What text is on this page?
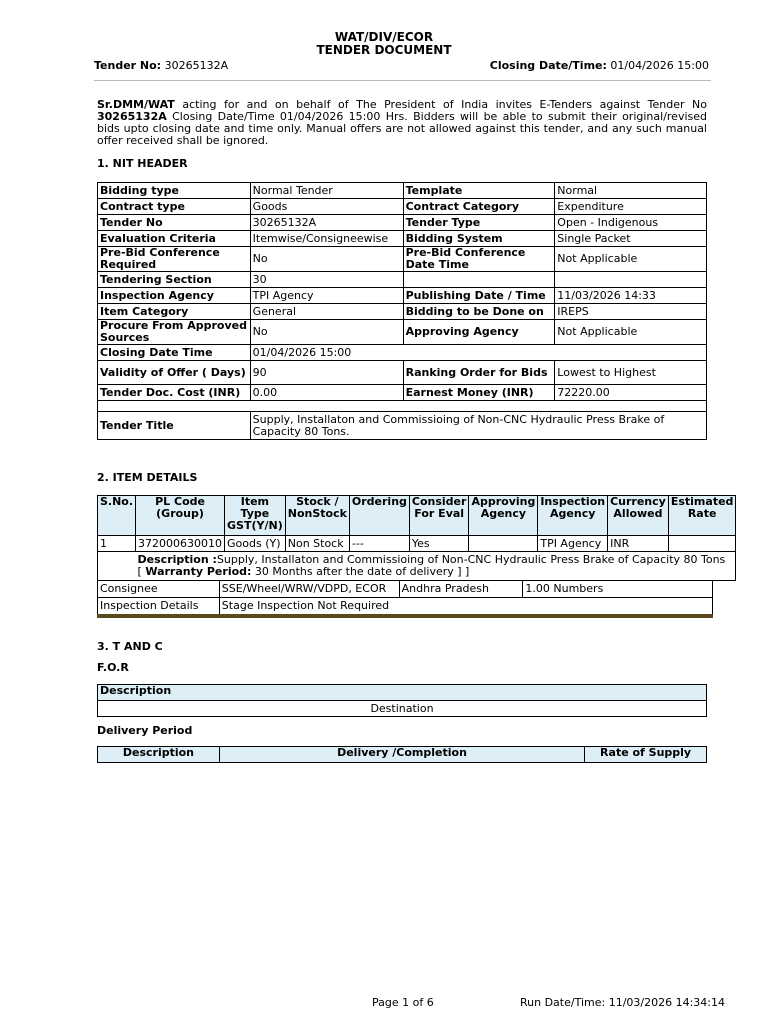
WAT/DIV/ECOR
TENDER DOCUMENT
Tender No: 30265132A	Closing Date/Time: 01/04/2026 15:00
Sr.DMM/WAT acting for and on behalf of The President of India invites E-Tenders against Tender No 30265132A Closing Date/Time 01/04/2026 15:00 Hrs. Bidders will be able to submit their original/revised bids upto closing date and time only. Manual offers are not allowed against this tender, and any such manual offer received shall be ignored.
1. NIT HEADER
Bidding type	Normal Tender	Template	Normal
Contract type	Goods	Contract Category	Expenditure
Tender No	30265132A	Tender Type	Open - Indigenous
Evaluation Criteria	Itemwise/Consigneewise	Bidding System	Single Packet
Pre-Bid Conference Required	No	Pre-Bid Conference Date Time	Not Applicable
Tendering Section	30		
Inspection Agency	TPI Agency	Publishing Date / Time	11/03/2026 14:33
Item Category	General	Bidding to be Done on	IREPS
Procure From Approved Sources	No	Approving Agency	Not Applicable
Closing Date Time	01/04/2026 15:00		
Validity of Offer ( Days)	90	Ranking Order for Bids	Lowest to Highest
Tender Doc. Cost (INR)	0.00	Earnest Money (INR)	72220.00

Tender Title	Supply, Installaton and Commissioing of Non-CNC Hydraulic Press Brake of Capacity 80 Tons.		
2. ITEM DETAILS
S.No.	PL Code (Group)	Item Type GST(Y/N)	Stock / NonStock	Ordering	Consider For Eval	Approving Agency	Inspection Agency	Currency Allowed	Estimated Rate
1	372000630010	Goods (Y)	Non Stock	---	Yes		TPI Agency	INR	
	Description :Supply, Installaton and Commissioing of Non-CNC Hydraulic Press Brake of Capacity 80 Tons
[ Warranty Period: 30 Months after the date of delivery ] ]								
Consignee	SSE/Wheel/WRW/VDPD, ECOR	Andhra Pradesh	1.00 Numbers
Inspection Details	Stage Inspection Not Required		
3. T AND C
F.O.R
Description
Destination
Delivery Period
Description	Delivery /Completion	Rate of Supply
Page 1 of 6	Run Date/Time: 11/03/2026 14:34:14
